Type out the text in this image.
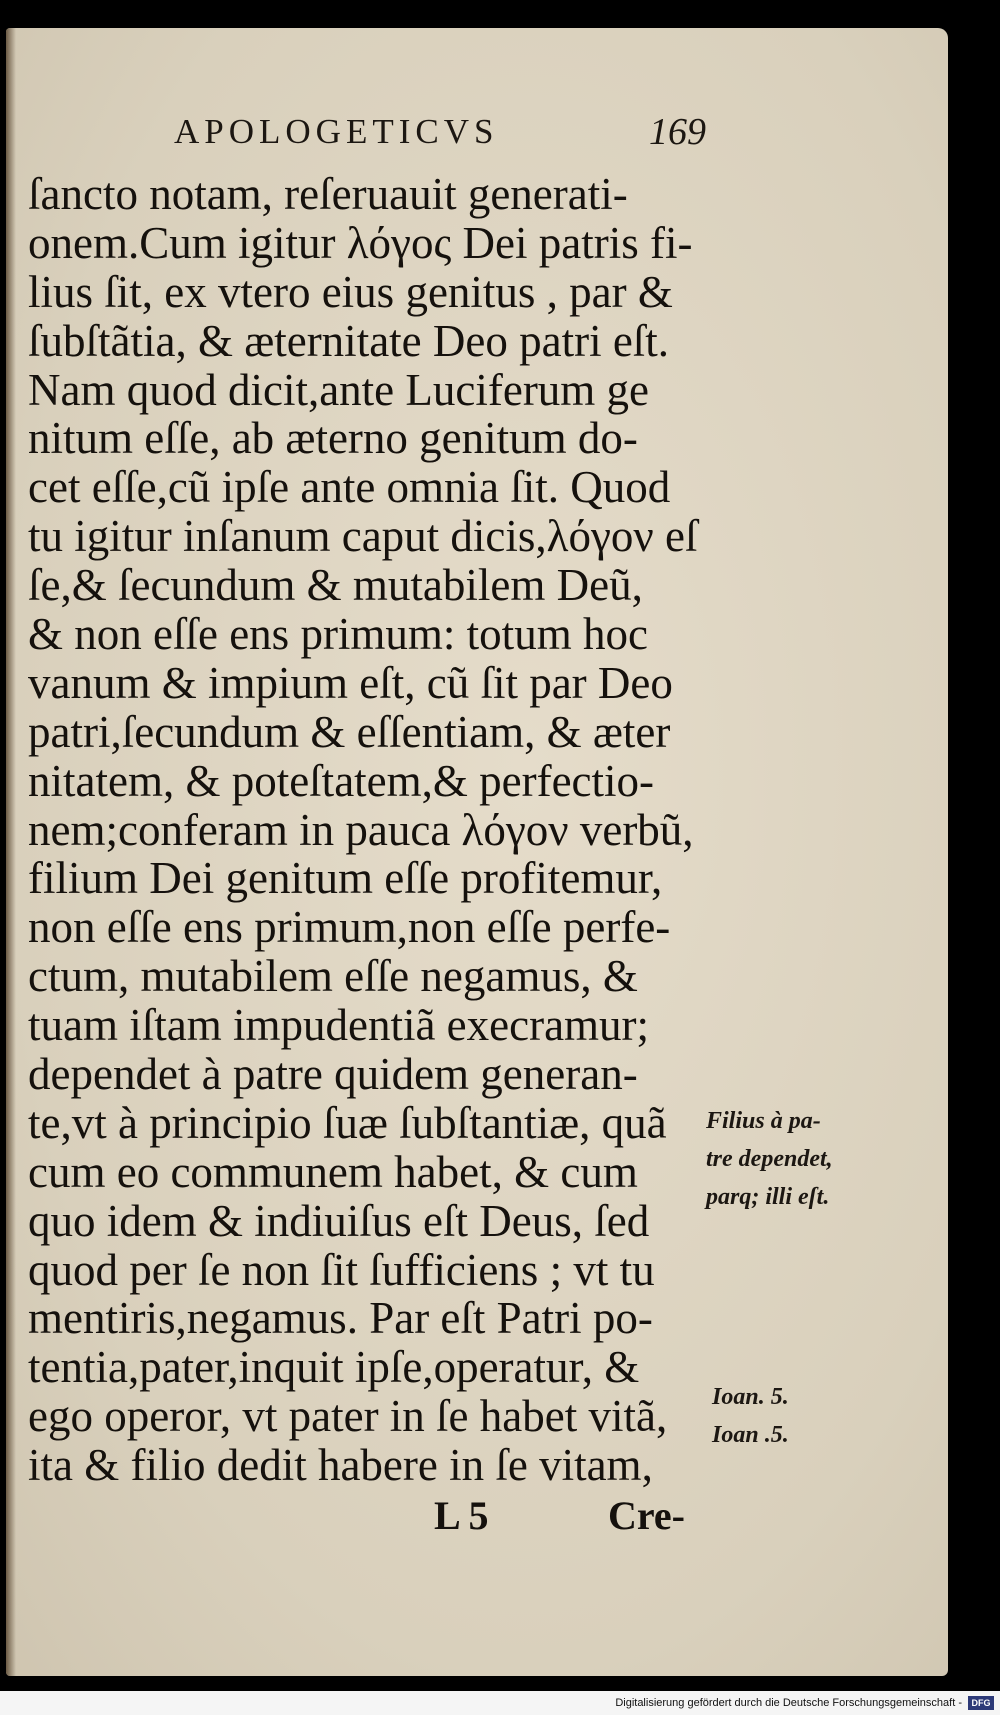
APOLOGETICVS	169
ſancto notam, reſeruauit generati-
onem.Cum igitur λόγος Dei patris fi-
lius ſit, ex vtero eius genitus , par &
ſubſtãtia, & æternitate Deo patri eſt.
Nam quod dicit,ante Luciferum ge
nitum eſſe, ab æterno genitum do-
cet eſſe,cũ ipſe ante omnia ſit. Quod
tu igitur inſanum caput dicis,λόγον eſ
ſe,& ſecundum & mutabilem Deũ,
& non eſſe ens primum: totum hoc
vanum & impium eſt, cũ ſit par Deo
patri,ſecundum & eſſentiam, & æter
nitatem, & poteſtatem,& perfectio-
nem;conferam in pauca λόγον verbũ,
filium Dei genitum eſſe profitemur,
non eſſe ens primum,non eſſe perfe-
ctum, mutabilem eſſe negamus, &
tuam iſtam impudentiã execramur;
dependet à patre quidem generan-
te,vt à principio ſuæ ſubſtantiæ, quã
cum eo communem habet, & cum
quo idem & indiuiſus eſt Deus, ſed
quod per ſe non ſit ſufficiens ; vt tu
mentiris,negamus. Par eſt Patri po-
tentia,pater,inquit ipſe,operatur, &
ego operor, vt pater in ſe habet vitã,
ita & filio dedit habere in ſe vitam,
Filius à pa-
tre dependet,
parq; illi eſt.
Ioan. 5.
Ioan .5.
L 5	Cre-
Digitalisierung gefördert durch die Deutsche Forschungsgemeinschaft -	DFG
